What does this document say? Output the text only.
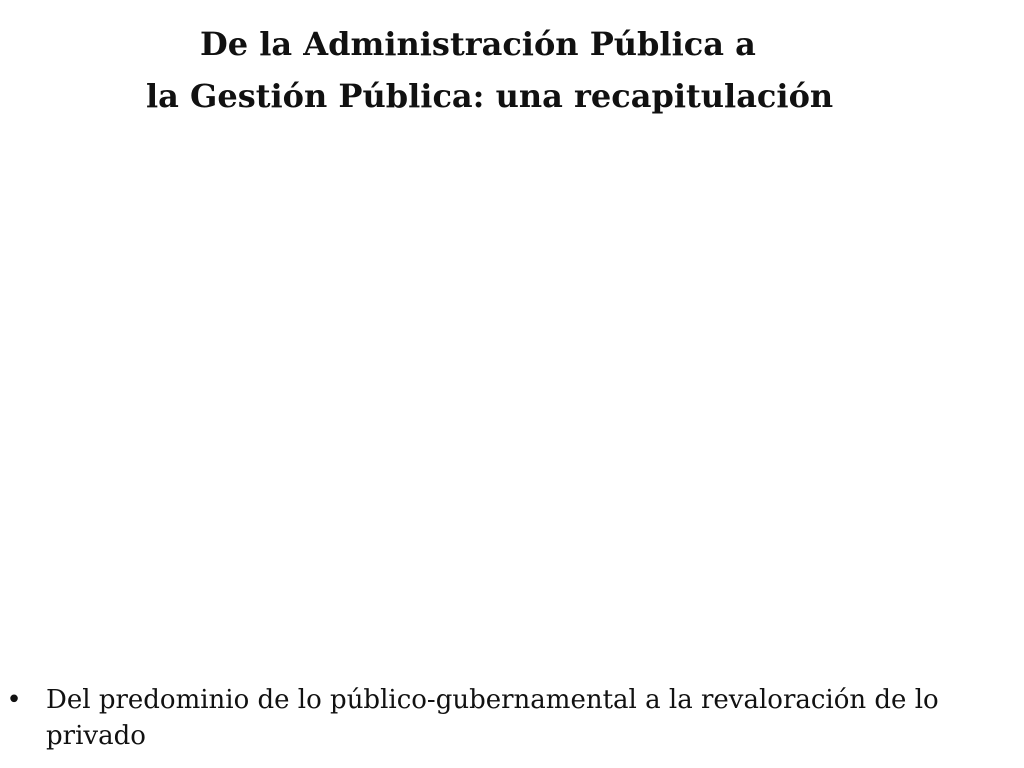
De la Administración Pública a
la Gestión Pública: una recapitulación
• Del predominio de lo público-gubernamental a la revaloración de lo privado
